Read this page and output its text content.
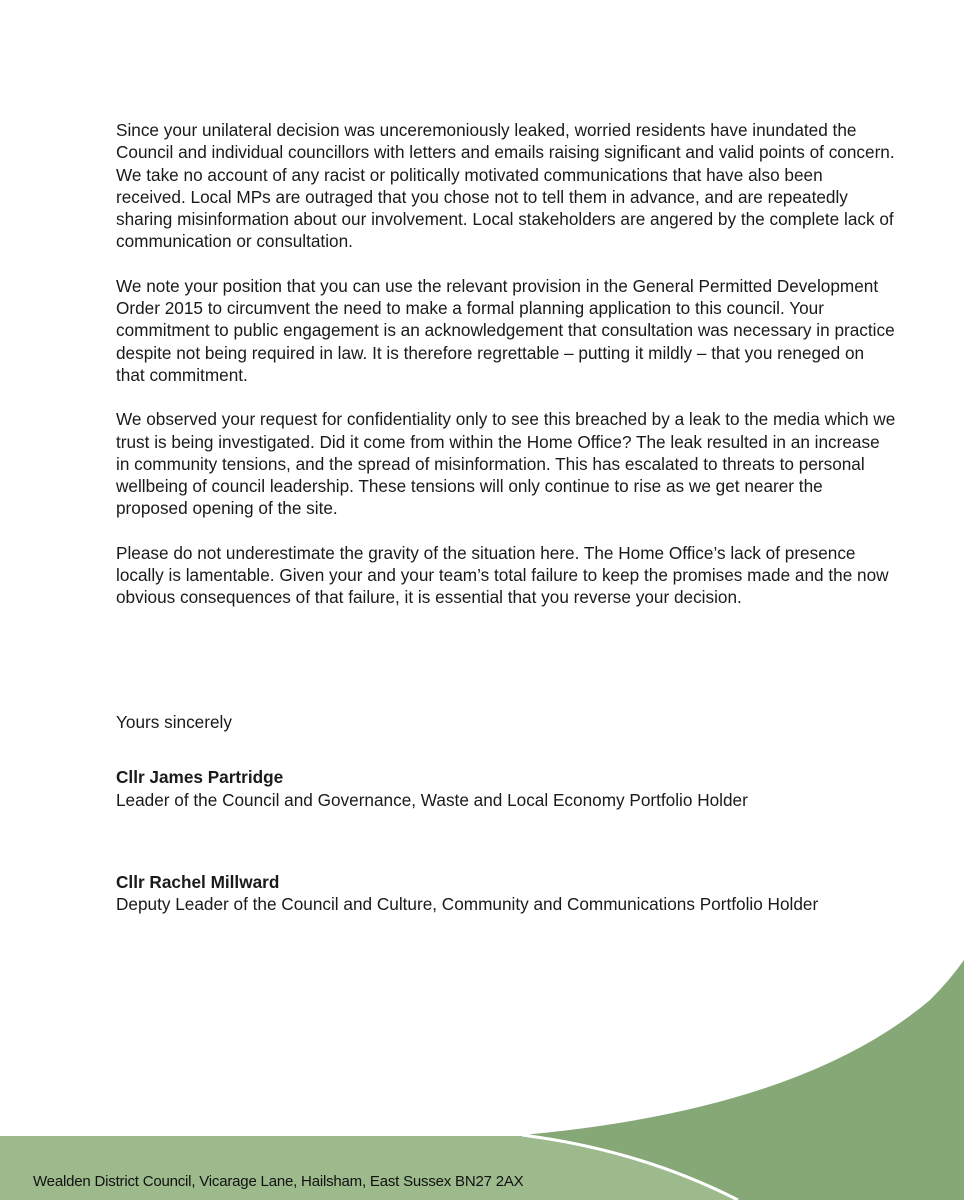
Since your unilateral decision was unceremoniously leaked, worried residents have inundated the Council and individual councillors with letters and emails raising significant and valid points of concern. We take no account of any racist or politically motivated communications that have also been received. Local MPs are outraged that you chose not to tell them in advance, and are repeatedly sharing misinformation about our involvement. Local stakeholders are angered by the complete lack of communication or consultation.

We note your position that you can use the relevant provision in the General Permitted Development Order 2015 to circumvent the need to make a formal planning application to this council. Your commitment to public engagement is an acknowledgement that consultation was necessary in practice despite not being required in law. It is therefore regrettable – putting it mildly – that you reneged on that commitment.

We observed your request for confidentiality only to see this breached by a leak to the media which we trust is being investigated. Did it come from within the Home Office? The leak resulted in an increase in community tensions, and the spread of misinformation. This has escalated to threats to personal wellbeing of council leadership. These tensions will only continue to rise as we get nearer the proposed opening of the site.

Please do not underestimate the gravity of the situation here. The Home Office’s lack of presence locally is lamentable. Given your and your team’s total failure to keep the promises made and the now obvious consequences of that failure, it is essential that you reverse your decision.

Yours sincerely

Cllr James Partridge

Leader of the Council and Governance, Waste and Local Economy Portfolio Holder

Cllr Rachel Millward

Deputy Leader of the Council and Culture, Community and Communications Portfolio Holder

Wealden District Council, Vicarage Lane, Hailsham, East Sussex BN27 2AX
